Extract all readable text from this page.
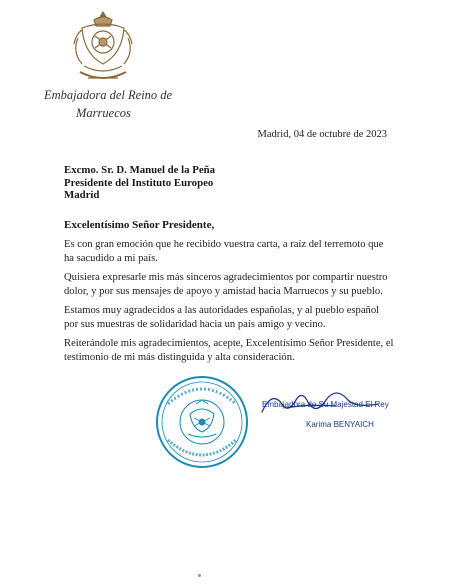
Embajadora del Reino de
Marruecos
Madrid, 04 de octubre de 2023
Excmo. Sr. D. Manuel de la Peña
Presidente del Instituto Europeo
Madrid
Excelentísimo Señor Presidente,
Es con gran emoción que he recibido vuestra carta, a raíz del terremoto que ha sacudido a mi país.
Quisiera expresarle mis más sinceros agradecimientos por compartir nuestro dolor, y por sus mensajes de apoyo y amistad hacia Marruecos y su pueblo.
Estamos muy agradecidos a las autoridades españolas, y al pueblo español por sus muestras de solidaridad hacia un país amigo y vecino.
Reiterándole mis agradecimientos, acepte, Excelentísimo Señor Presidente, el testimonio de mi más distinguida y alta consideración.
Embajadora de Su Majestad El Rey
Karima BENYAICH
